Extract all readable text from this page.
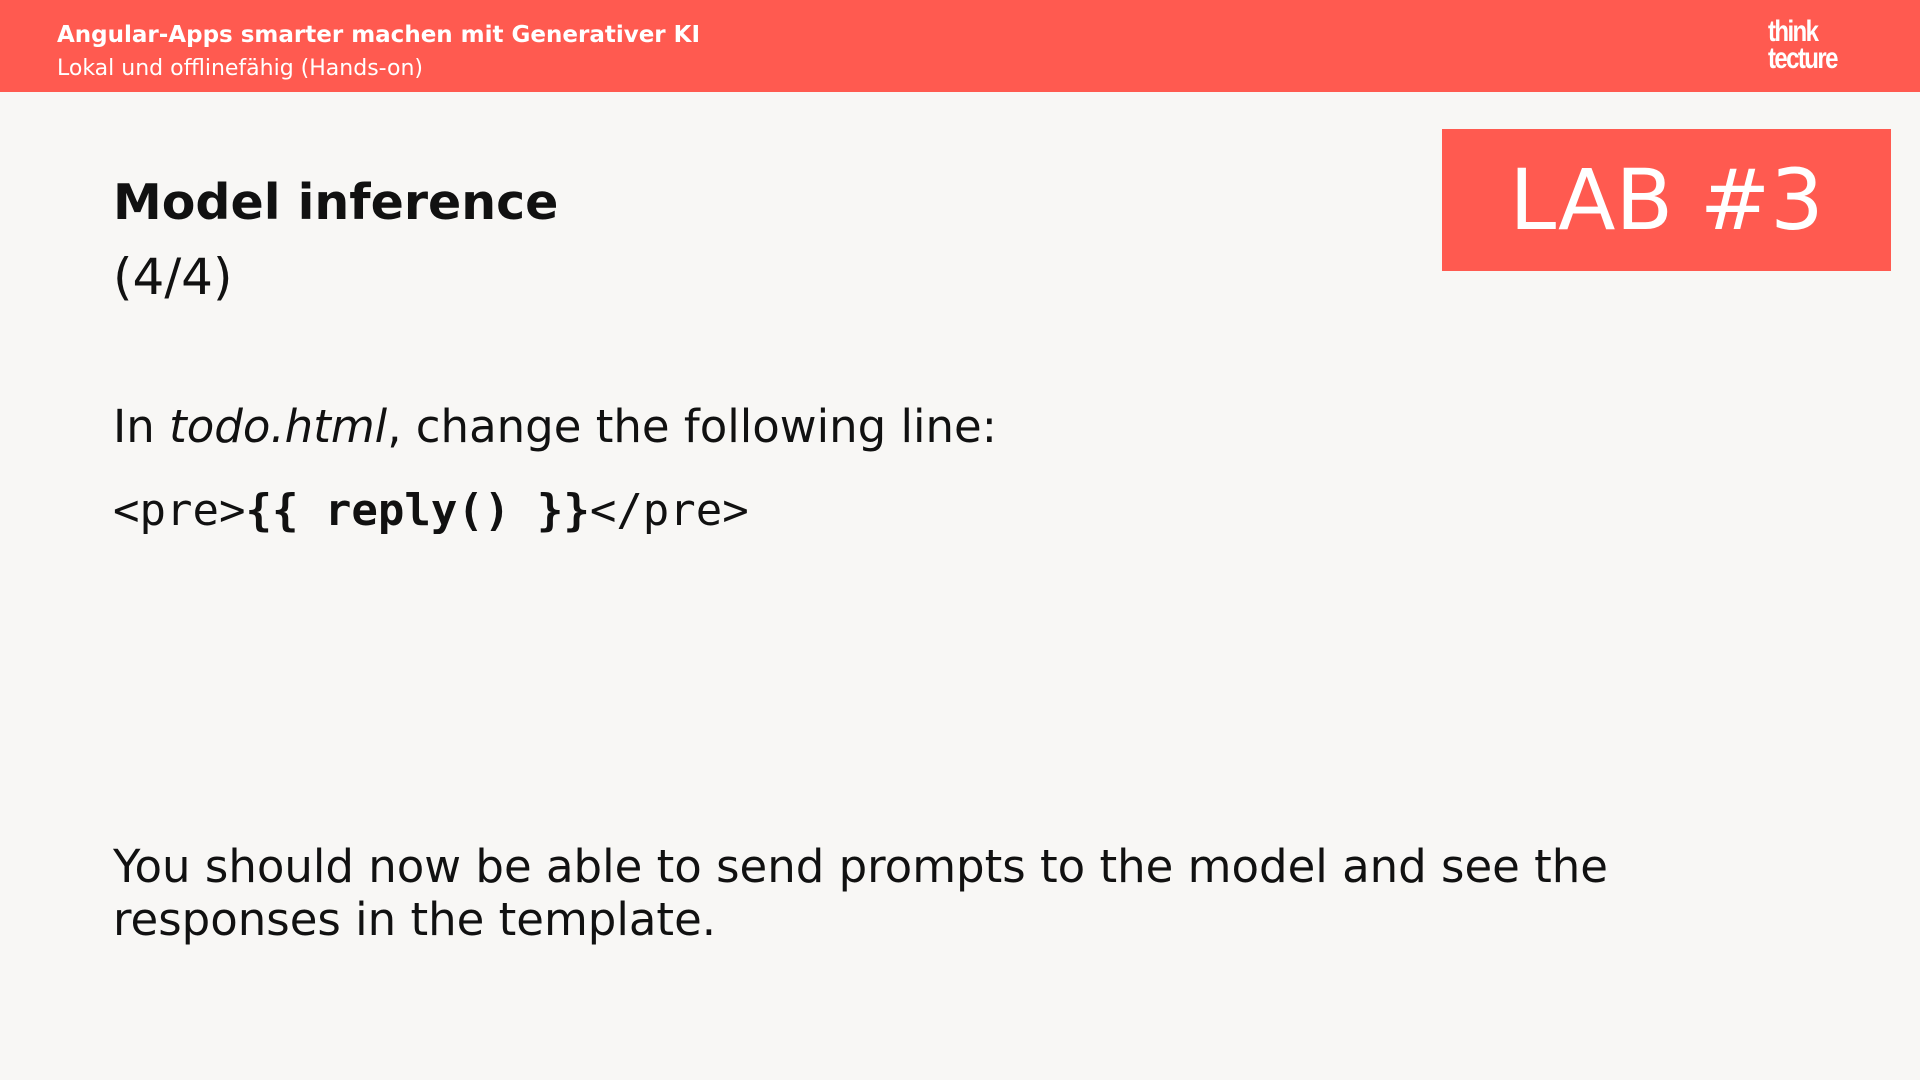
Angular-Apps smarter machen mit Generativer KI
Lokal und offlinefähig (Hands-on)
think
tecture
LAB #3
Model inference
(4/4)
In todo.html, change the following line:
<pre>{{ reply() }}</pre>
You should now be able to send prompts to the model and see the responses in the template.
